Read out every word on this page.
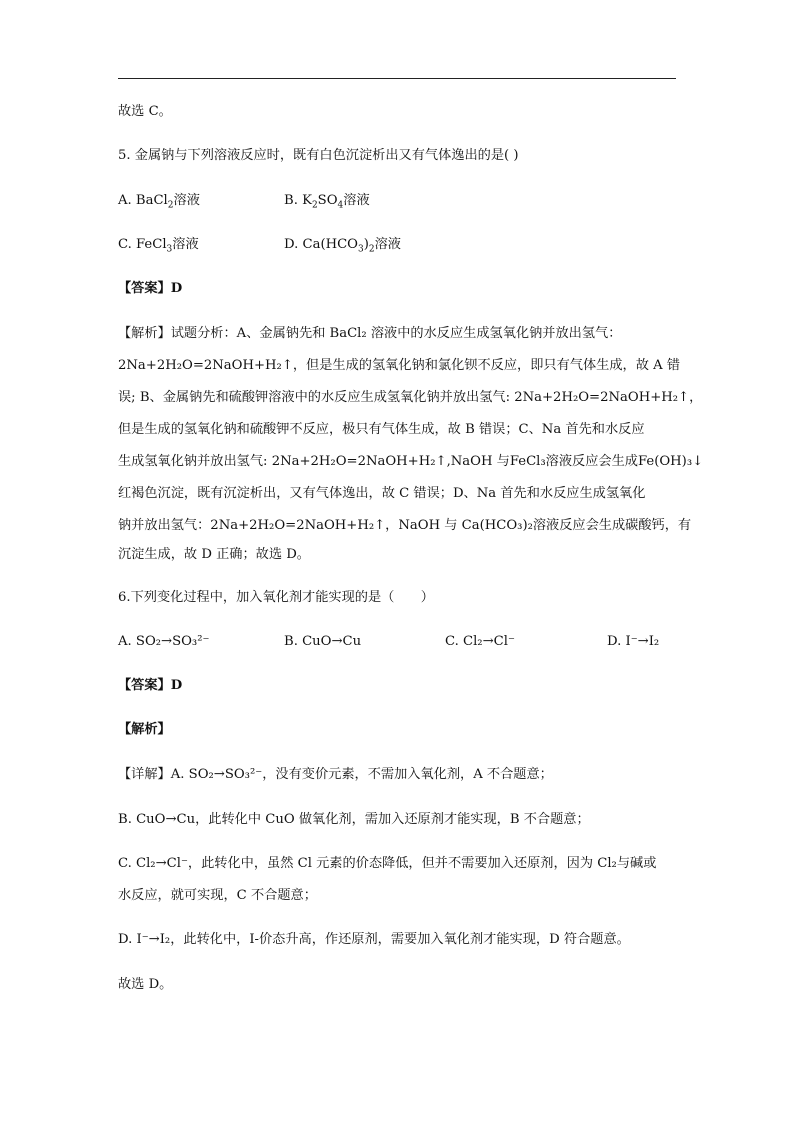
故选 C。
5. 金属钠与下列溶液反应时，既有白色沉淀析出又有气体逸出的是( )
A. BaCl$_2$溶液	B. $K_2SO_4$溶液
C. FeCl$_3$溶液	D. $Ca(HCO_3)_2$溶液
【答案】D
【解析】试题分析：A、金属钠先和 BaCl₂ 溶液中的水反应生成氢氧化钠并放出氢气：
2Na+2H₂O=2NaOH+H₂↑，但是生成的氢氧化钠和氯化钡不反应，即只有气体生成，故 A 错
误; B、金属钠先和硫酸钾溶液中的水反应生成氢氧化钠并放出氢气: 2Na+2H₂O=2NaOH+H₂↑，
但是生成的氢氧化钠和硫酸钾不反应，极只有气体生成，故 B 错误；C、Na 首先和水反应
生成氢氧化钠并放出氢气: 2Na+2H₂O=2NaOH+H₂↑,NaOH 与FeCl₃溶液反应会生成Fe(OH)₃↓
红褐色沉淀，既有沉淀析出，又有气体逸出，故 C 错误；D、Na 首先和水反应生成氢氧化
钠并放出氢气：2Na+2H₂O=2NaOH+H₂↑，NaOH 与 Ca(HCO₃)₂溶液反应会生成碳酸钙，有
沉淀生成，故 D 正确；故选 D。
6.下列变化过程中，加入氧化剂才能实现的是（　　）
A. SO₂→SO₃²⁻	B. CuO→Cu	C. Cl₂→Cl⁻	D. I⁻→I₂
【答案】D
【解析】
【详解】A. SO₂→SO₃²⁻，没有变价元素，不需加入氧化剂，A 不合题意；
B. CuO→Cu，此转化中 CuO 做氧化剂，需加入还原剂才能实现，B 不合题意；
C. Cl₂→Cl⁻，此转化中，虽然 Cl 元素的价态降低，但并不需要加入还原剂，因为 Cl₂与碱或
水反应，就可实现，C 不合题意；
D. I⁻→I₂，此转化中，I-价态升高，作还原剂，需要加入氧化剂才能实现，D 符合题意。
故选 D。
